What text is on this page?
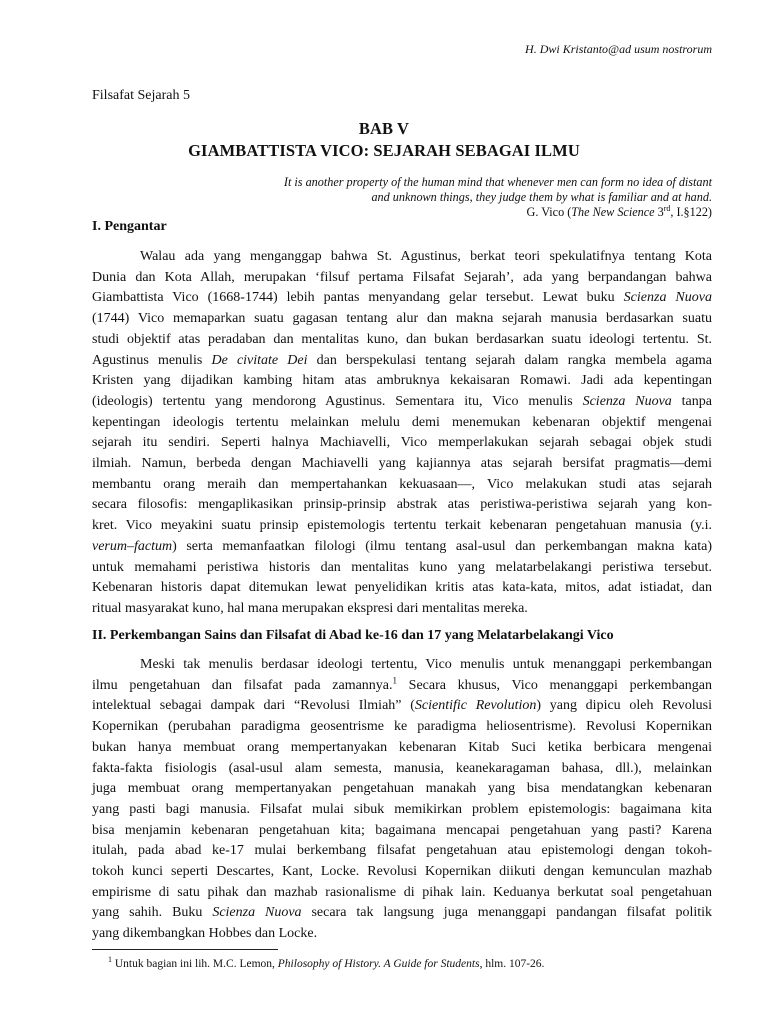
H. Dwi Kristanto@ad usum nostrorum
Filsafat Sejarah 5
BAB V
GIAMBATTISTA VICO: SEJARAH SEBAGAI ILMU
It is another property of the human mind that whenever men can form no idea of distant
and unknown things, they judge them by what is familiar and at hand.
G. Vico (The New Science 3rd, I.§122)
I. Pengantar
Walau ada yang menganggap bahwa St. Agustinus, berkat teori spekulatifnya tentang Kota
Dunia dan Kota Allah, merupakan ‘filsuf pertama Filsafat Sejarah’, ada yang berpandangan bahwa
Giambattista Vico (1668-1744) lebih pantas menyandang gelar tersebut. Lewat buku Scienza Nuova
(1744) Vico memaparkan suatu gagasan tentang alur dan makna sejarah manusia berdasarkan suatu
studi objektif atas peradaban dan mentalitas kuno, dan bukan berdasarkan suatu ideologi tertentu. St.
Agustinus menulis De civitate Dei dan berspekulasi tentang sejarah dalam rangka membela agama
Kristen yang dijadikan kambing hitam atas ambruknya kekaisaran Romawi. Jadi ada kepentingan
(ideologis) tertentu yang mendorong Agustinus. Sementara itu, Vico menulis Scienza Nuova tanpa
kepentingan ideologis tertentu melainkan melulu demi menemukan kebenaran objektif mengenai
sejarah itu sendiri. Seperti halnya Machiavelli, Vico memperlakukan sejarah sebagai objek studi
ilmiah. Namun, berbeda dengan Machiavelli yang kajiannya atas sejarah bersifat pragmatis—demi
membantu orang meraih dan mempertahankan kekuasaan—, Vico melakukan studi atas sejarah
secara filosofis: mengaplikasikan prinsip-prinsip abstrak atas peristiwa-peristiwa sejarah yang kon-
kret. Vico meyakini suatu prinsip epistemologis tertentu terkait kebenaran pengetahuan manusia (y.i.
verum–factum) serta memanfaatkan filologi (ilmu tentang asal-usul dan perkembangan makna kata)
untuk memahami peristiwa historis dan mentalitas kuno yang melatarbelakangi peristiwa tersebut.
Kebenaran historis dapat ditemukan lewat penyelidikan kritis atas kata-kata, mitos, adat istiadat, dan
ritual masyarakat kuno, hal mana merupakan ekspresi dari mentalitas mereka.
II. Perkembangan Sains dan Filsafat di Abad ke-16 dan 17 yang Melatarbelakangi Vico
Meski tak menulis berdasar ideologi tertentu, Vico menulis untuk menanggapi perkembangan
ilmu pengetahuan dan filsafat pada zamannya.$^1$ Secara khusus, Vico menanggapi perkembangan
intelektual sebagai dampak dari “Revolusi Ilmiah” (Scientific Revolution) yang dipicu oleh Revolusi
Kopernikan (perubahan paradigma geosentrisme ke paradigma heliosentrisme). Revolusi Kopernikan
bukan hanya membuat orang mempertanyakan kebenaran Kitab Suci ketika berbicara mengenai
fakta-fakta fisiologis (asal-usul alam semesta, manusia, keanekaragaman bahasa, dll.), melainkan
juga membuat orang mempertanyakan pengetahuan manakah yang bisa mendatangkan kebenaran
yang pasti bagi manusia. Filsafat mulai sibuk memikirkan problem epistemologis: bagaimana kita
bisa menjamin kebenaran pengetahuan kita; bagaimana mencapai pengetahuan yang pasti? Karena
itulah, pada abad ke-17 mulai berkembang filsafat pengetahuan atau epistemologi dengan tokoh-
tokoh kunci seperti Descartes, Kant, Locke. Revolusi Kopernikan diikuti dengan kemunculan mazhab
empirisme di satu pihak dan mazhab rasionalisme di pihak lain. Keduanya berkutat soal pengetahuan
yang sahih. Buku Scienza Nuova secara tak langsung juga menanggapi pandangan filsafat politik
yang dikembangkan Hobbes dan Locke.
$^1$ Untuk bagian ini lih. M.C. Lemon, Philosophy of History. A Guide for Students, hlm. 107-26.
